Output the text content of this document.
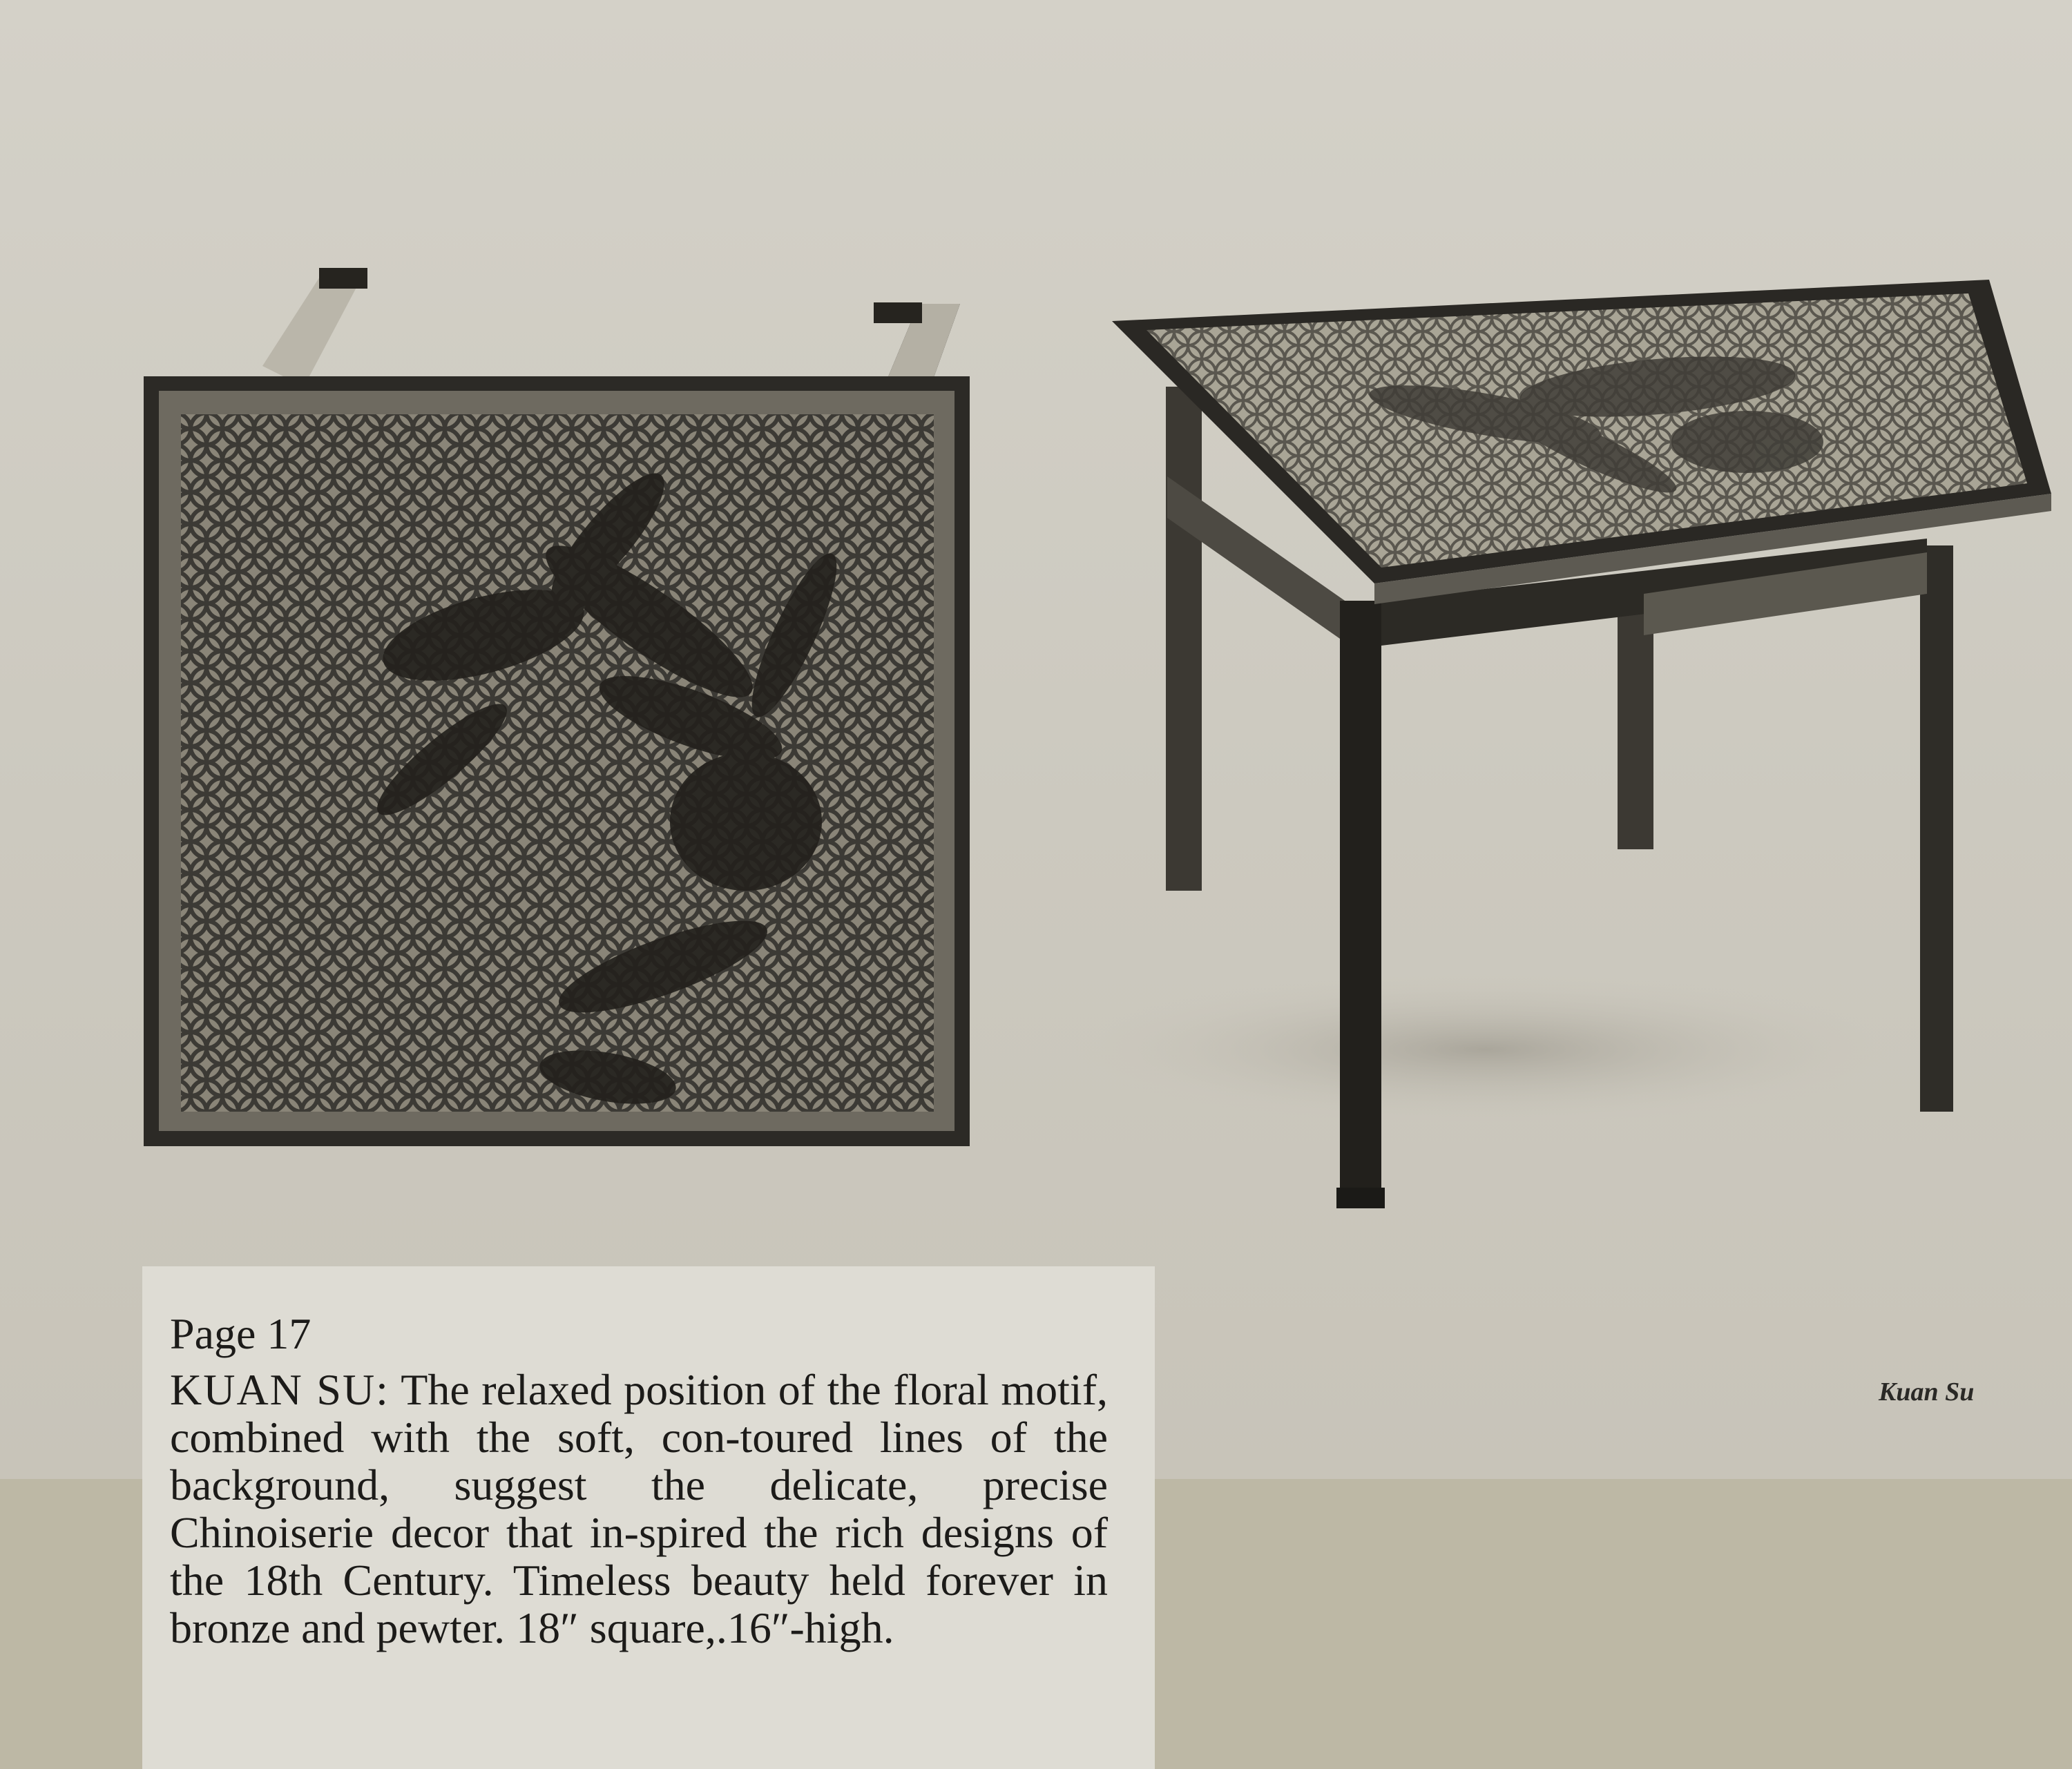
Kuan Su
Page 17
KUAN SU: The relaxed position of the floral motif, combined with the soft, con-toured lines of the background, suggest the delicate, precise Chinoiserie decor that in-spired the rich designs of the 18th Century. Timeless beauty held forever in bronze and pewter. 18″ square,.16″-high.
